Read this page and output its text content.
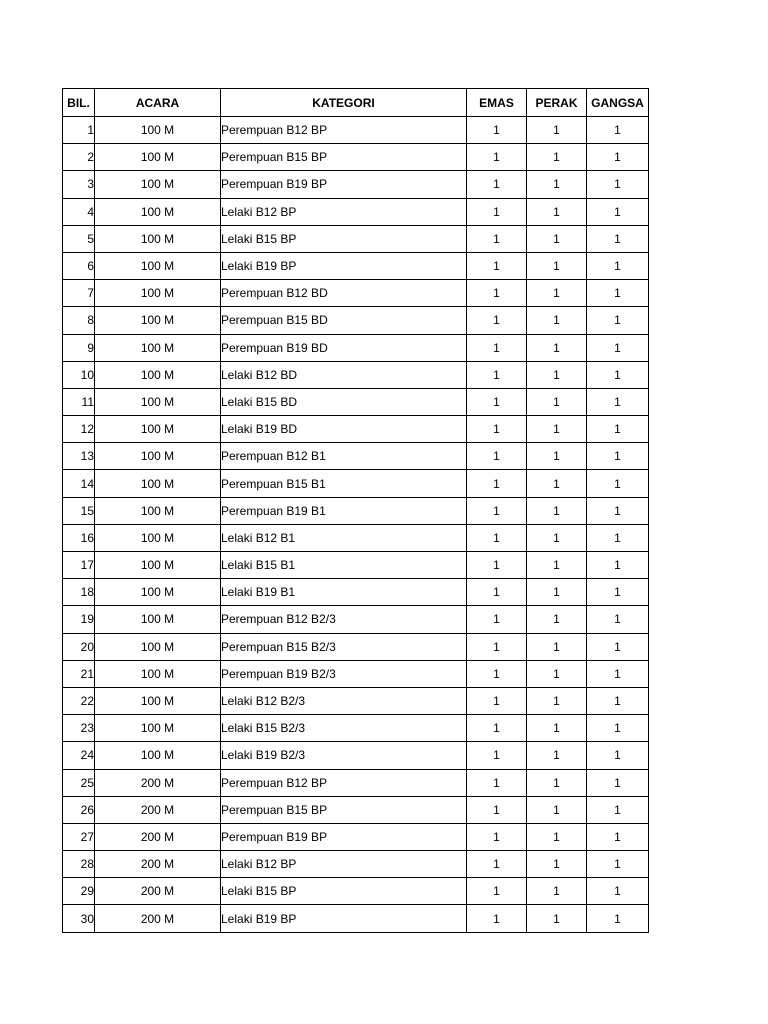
BIL.	ACARA	KATEGORI	EMAS	PERAK	GANGSA
1	100 M	Perempuan B12 BP	1	1	1
2	100 M	Perempuan B15 BP	1	1	1
3	100 M	Perempuan B19 BP	1	1	1
4	100 M	Lelaki B12 BP	1	1	1
5	100 M	Lelaki B15 BP	1	1	1
6	100 M	Lelaki B19 BP	1	1	1
7	100 M	Perempuan B12 BD	1	1	1
8	100 M	Perempuan B15 BD	1	1	1
9	100 M	Perempuan B19 BD	1	1	1
10	100 M	Lelaki B12 BD	1	1	1
11	100 M	Lelaki B15 BD	1	1	1
12	100 M	Lelaki B19 BD	1	1	1
13	100 M	Perempuan B12 B1	1	1	1
14	100 M	Perempuan B15 B1	1	1	1
15	100 M	Perempuan B19 B1	1	1	1
16	100 M	Lelaki B12 B1	1	1	1
17	100 M	Lelaki B15 B1	1	1	1
18	100 M	Lelaki B19 B1	1	1	1
19	100 M	Perempuan B12 B2/3	1	1	1
20	100 M	Perempuan B15 B2/3	1	1	1
21	100 M	Perempuan B19 B2/3	1	1	1
22	100 M	Lelaki B12 B2/3	1	1	1
23	100 M	Lelaki B15 B2/3	1	1	1
24	100 M	Lelaki B19 B2/3	1	1	1
25	200 M	Perempuan B12 BP	1	1	1
26	200 M	Perempuan B15 BP	1	1	1
27	200 M	Perempuan B19 BP	1	1	1
28	200 M	Lelaki B12 BP	1	1	1
29	200 M	Lelaki B15 BP	1	1	1
30	200 M	Lelaki B19 BP	1	1	1
